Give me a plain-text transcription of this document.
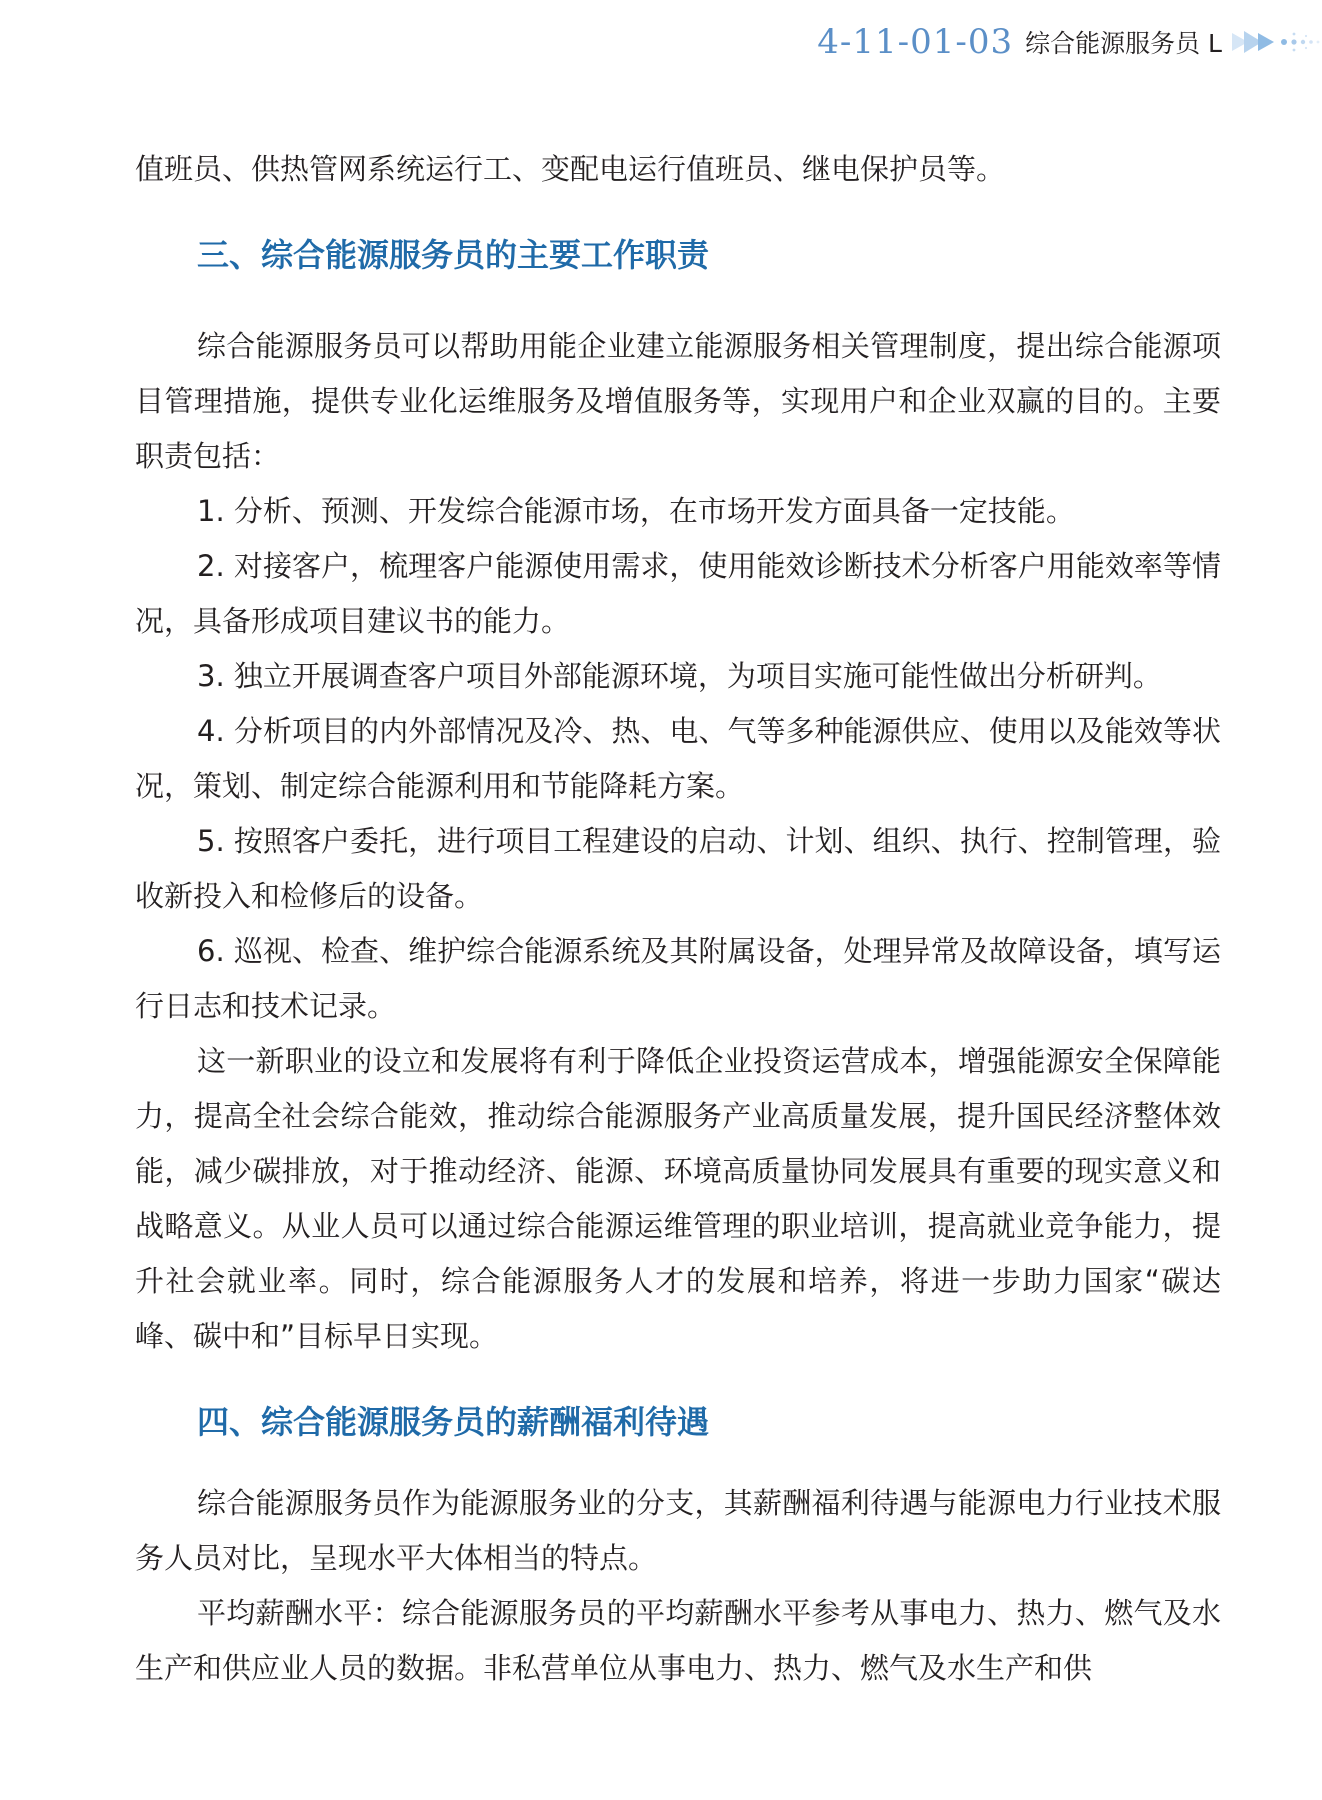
4-11-01-03 综合能源服务员 L

值班员、供热管网系统运行工、变配电运行值班员、继电保护员等。

三、综合能源服务员的主要工作职责

综合能源服务员可以帮助用能企业建立能源服务相关管理制度，提出综合能源项目管理措施，提供专业化运维服务及增值服务等，实现用户和企业双赢的目的。主要职责包括：

1. 分析、预测、开发综合能源市场，在市场开发方面具备一定技能。

2. 对接客户，梳理客户能源使用需求，使用能效诊断技术分析客户用能效率等情况，具备形成项目建议书的能力。

3. 独立开展调查客户项目外部能源环境，为项目实施可能性做出分析研判。

4. 分析项目的内外部情况及冷、热、电、气等多种能源供应、使用以及能效等状况，策划、制定综合能源利用和节能降耗方案。

5. 按照客户委托，进行项目工程建设的启动、计划、组织、执行、控制管理，验收新投入和检修后的设备。

6. 巡视、检查、维护综合能源系统及其附属设备，处理异常及故障设备，填写运行日志和技术记录。

这一新职业的设立和发展将有利于降低企业投资运营成本，增强能源安全保障能力，提高全社会综合能效，推动综合能源服务产业高质量发展，提升国民经济整体效能，减少碳排放，对于推动经济、能源、环境高质量协同发展具有重要的现实意义和战略意义。从业人员可以通过综合能源运维管理的职业培训，提高就业竞争能力，提升社会就业率。同时，综合能源服务人才的发展和培养，将进一步助力国家“碳达峰、碳中和”目标早日实现。

四、综合能源服务员的薪酬福利待遇

综合能源服务员作为能源服务业的分支，其薪酬福利待遇与能源电力行业技术服务人员对比，呈现水平大体相当的特点。

平均薪酬水平：综合能源服务员的平均薪酬水平参考从事电力、热力、燃气及水生产和供应业人员的数据。非私营单位从事电力、热力、燃气及水生产和供
